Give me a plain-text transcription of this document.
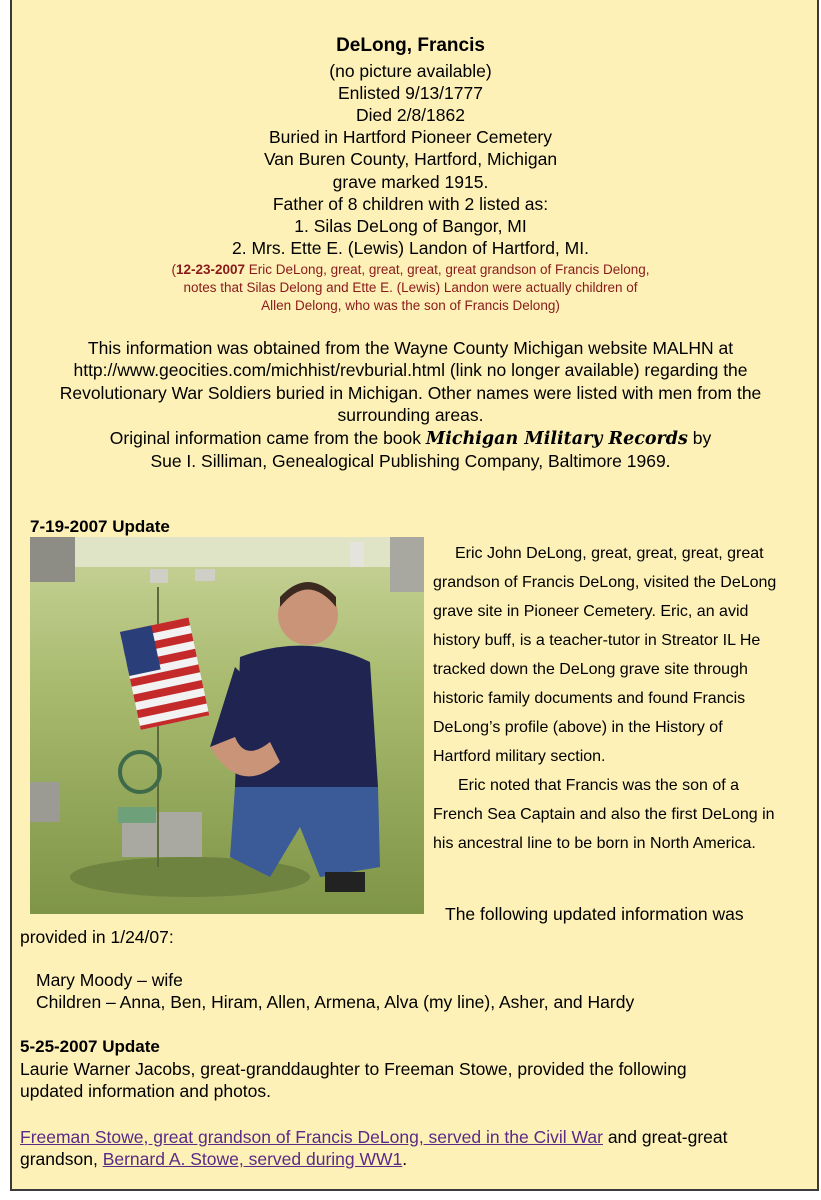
DeLong, Francis
(no picture available)
Enlisted 9/13/1777
Died 2/8/1862
Buried in Hartford Pioneer Cemetery
Van Buren County, Hartford, Michigan
grave marked 1915.
Father of 8 children with 2 listed as:
1. Silas DeLong of Bangor, MI
2. Mrs. Ette E. (Lewis) Landon of Hartford, MI.
(12-23-2007 Eric DeLong, great, great, great, great grandson of Francis Delong,
notes that Silas Delong and Ette E. (Lewis) Landon were actually children of
Allen Delong, who was the son of Francis Delong)
This information was obtained from the Wayne County Michigan website MALHN at
http://www.geocities.com/michhist/revburial.html (link no longer available) regarding the
Revolutionary War Soldiers buried in Michigan. Other names were listed with men from the
surrounding areas.
Original information came from the book Michigan Military Records by
Sue I. Silliman, Genealogical Publishing Company, Baltimore 1969.
7-19-2007 Update
Eric John DeLong, great, great, great, great
grandson of Francis DeLong, visited the DeLong
grave site in Pioneer Cemetery. Eric, an avid
history buff, is a teacher-tutor in Streator IL He
tracked down the DeLong grave site through
historic family documents and found Francis
DeLong’s profile (above) in the History of
Hartford military section.
Eric noted that Francis was the son of a
French Sea Captain and also the first DeLong in
his ancestral line to be born in North America.
The following updated information was
provided in 1/24/07:
Mary Moody – wife
Children – Anna, Ben, Hiram, Allen, Armena, Alva (my line), Asher, and Hardy
5-25-2007 Update
Laurie Warner Jacobs, great-granddaughter to Freeman Stowe, provided the following
updated information and photos.
Freeman Stowe, great grandson of Francis DeLong, served in the Civil War and great-great
grandson, Bernard A. Stowe, served during WW1.
